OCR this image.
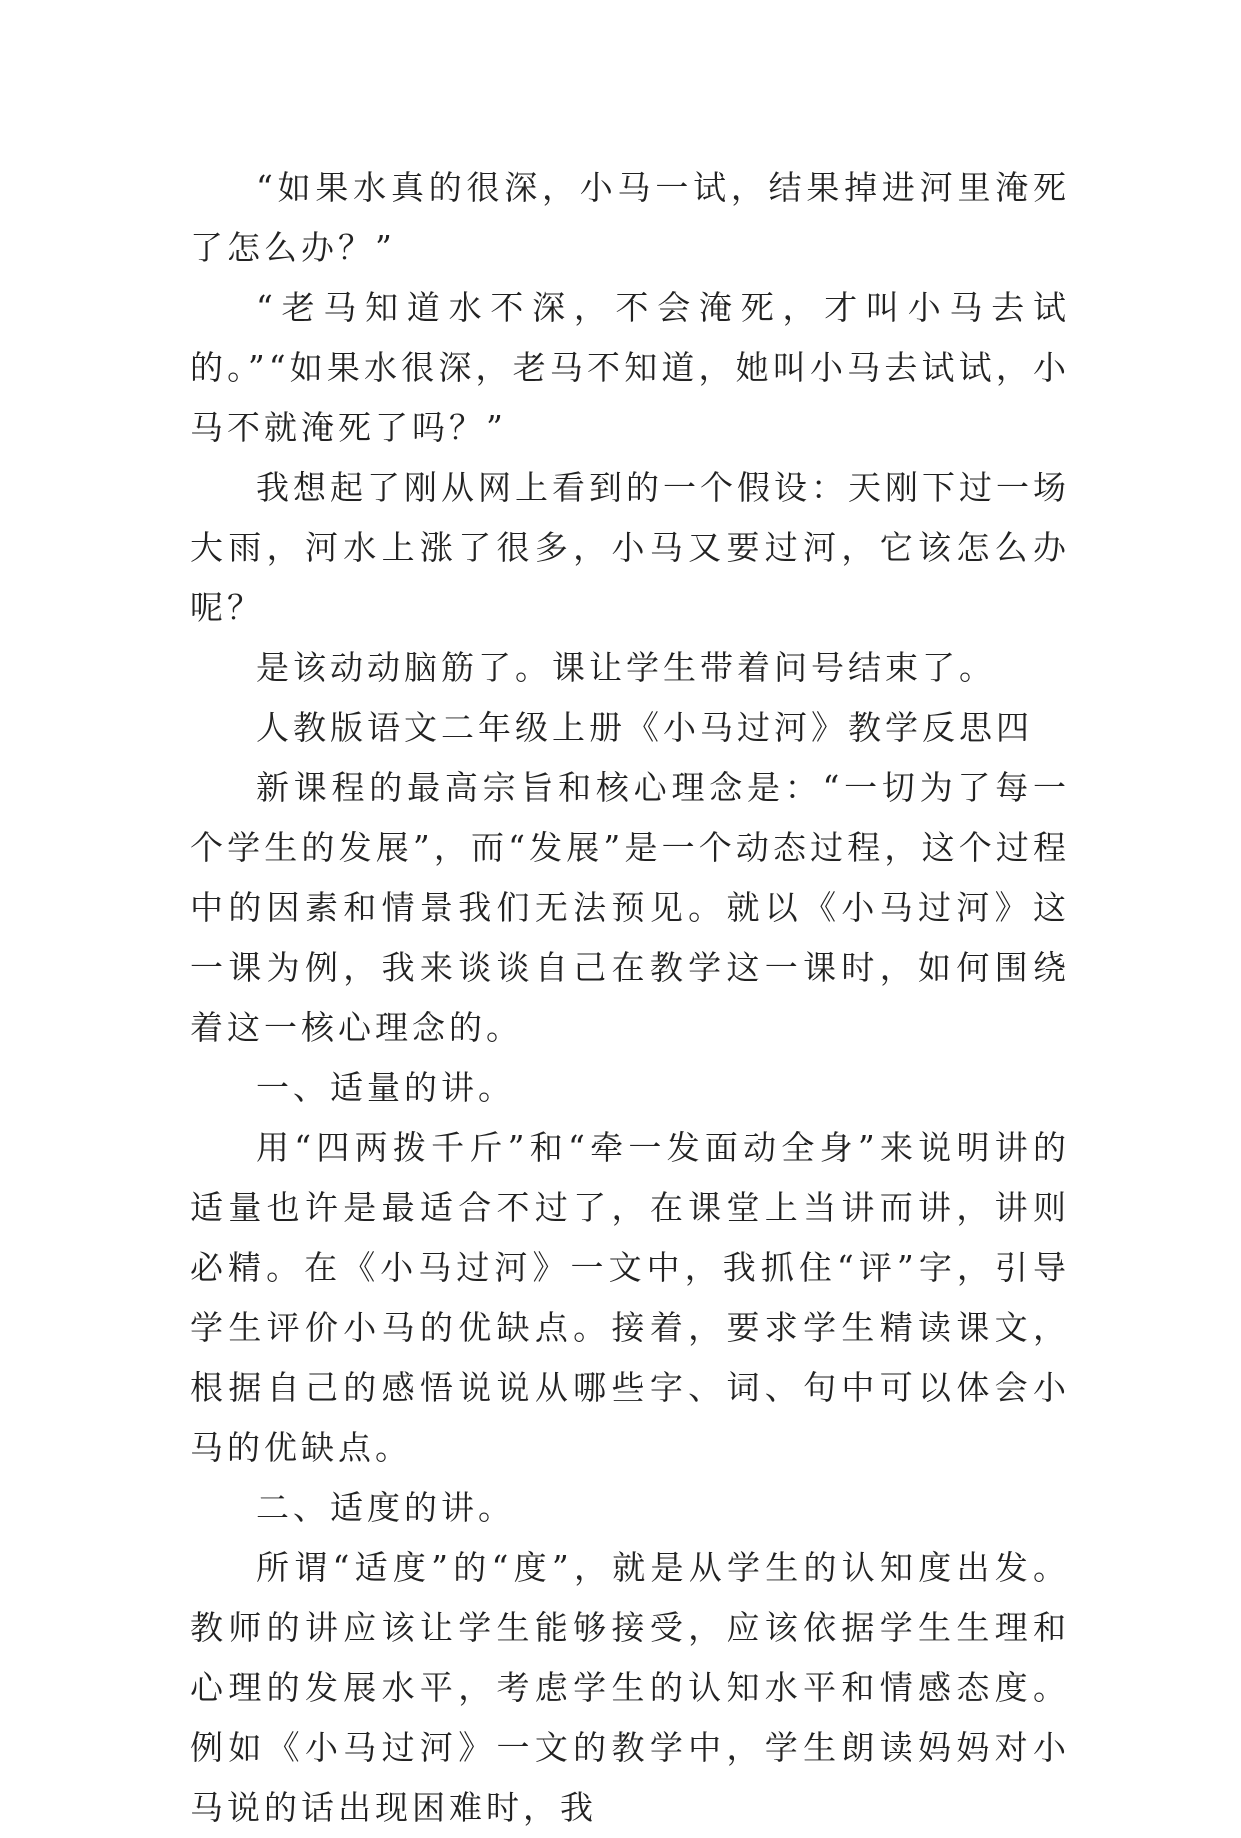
“如果水真的很深，小马一试，结果掉进河里淹死了怎么办？”

“老马知道水不深，不会淹死，才叫小马去试的。”“如果水很深，老马不知道，她叫小马去试试，小马不就淹死了吗？”

我想起了刚从网上看到的一个假设：天刚下过一场大雨，河水上涨了很多，小马又要过河，它该怎么办呢？

是该动动脑筋了。课让学生带着问号结束了。

人教版语文二年级上册《小马过河》教学反思四

新课程的最高宗旨和核心理念是：“一切为了每一个学生的发展”，而“发展”是一个动态过程，这个过程中的因素和情景我们无法预见。就以《小马过河》这一课为例，我来谈谈自己在教学这一课时，如何围绕着这一核心理念的。

一、适量的讲。

用“四两拨千斤”和“牵一发面动全身”来说明讲的适量也许是最适合不过了，在课堂上当讲而讲，讲则必精。在《小马过河》一文中，我抓住“评”字，引导学生评价小马的优缺点。接着，要求学生精读课文，根据自己的感悟说说从哪些字、词、句中可以体会小马的优缺点。

二、适度的讲。

所谓“适度”的“度”，就是从学生的认知度出发。教师的讲应该让学生能够接受，应该依据学生生理和心理的发展水平，考虑学生的认知水平和情感态度。例如《小马过河》一文的教学中，学生朗读妈妈对小马说的话出现困难时，我
